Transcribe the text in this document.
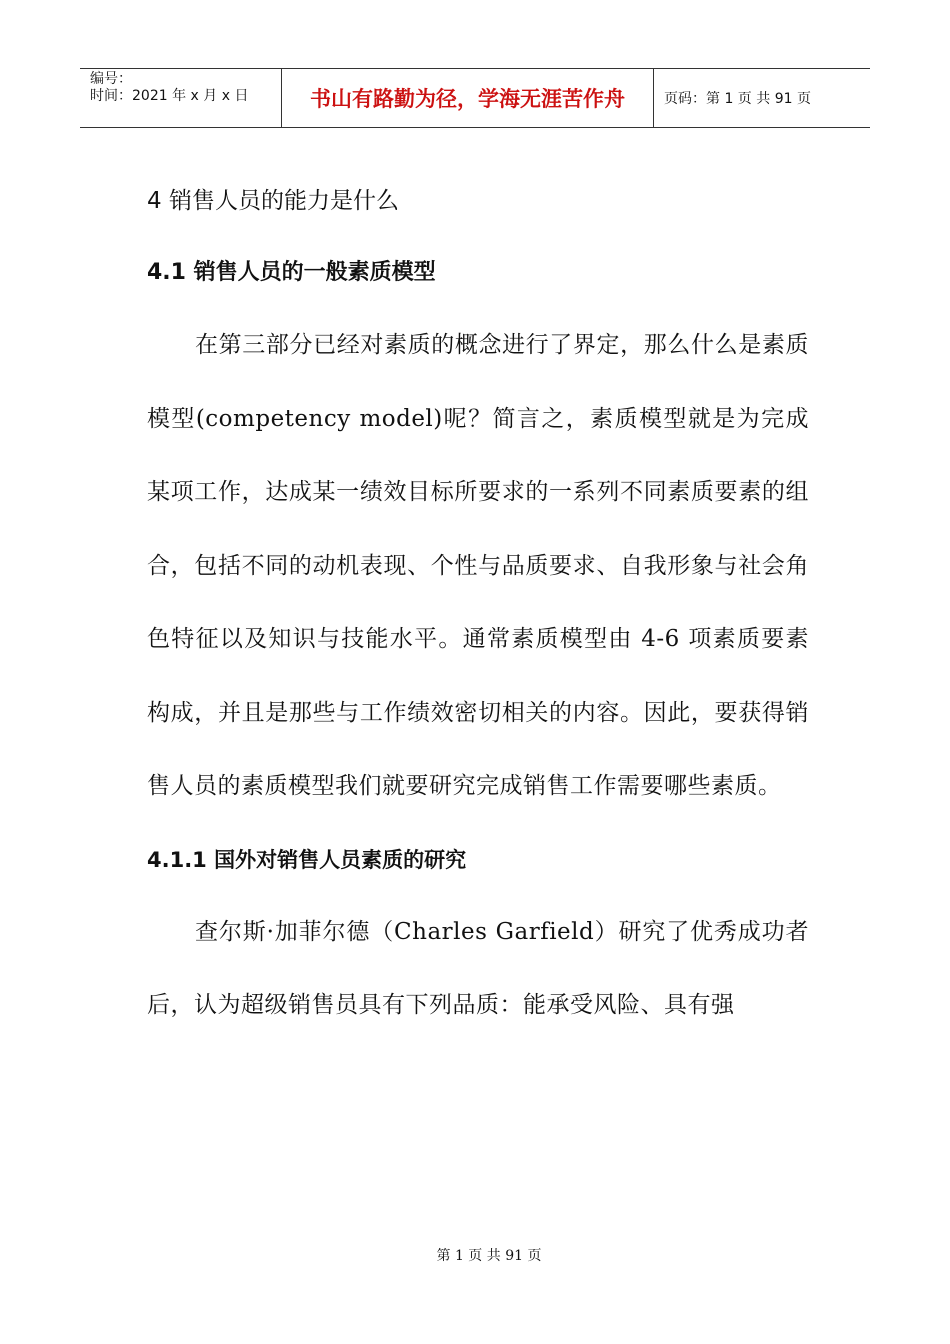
编号：
时间：2021 年 x 月 x 日	书山有路勤为径，学海无涯苦作舟	页码：第 1 页 共 91 页
4 销售人员的能力是什么
4.1 销售人员的一般素质模型

在第三部分已经对素质的概念进行了界定，那么什么是素质模型(competency model)呢？简言之，素质模型就是为完成某项工作，达成某一绩效目标所要求的一系列不同素质要素的组合，包括不同的动机表现、个性与品质要求、自我形象与社会角色特征以及知识与技能水平。通常素质模型由 4-6 项素质要素构成，并且是那些与工作绩效密切相关的内容。因此，要获得销售人员的素质模型我们就要研究完成销售工作需要哪些素质。

4.1.1 国外对销售人员素质的研究

查尔斯·加菲尔德（Charles Garfield）研究了优秀成功者后，认为超级销售员具有下列品质：能承受风险、具有强

第 1 页 共 91 页
